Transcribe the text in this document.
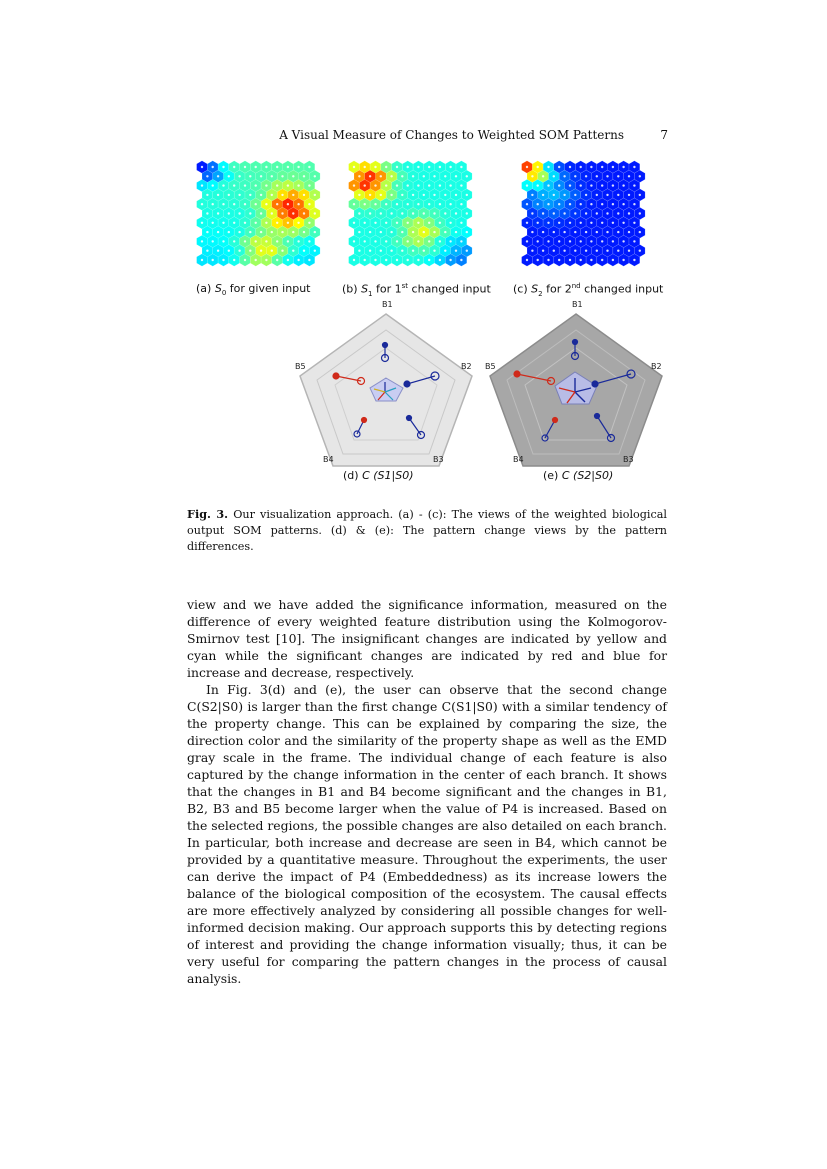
A Visual Measure of Changes to Weighted SOM Patterns	7
(a) $S_0$ for given input	(b) $S_1$ for 1st changed input (c) $S_2$ for 2nd changed input
B1
B2
B3
B4
B5
B1
B2
B3
B4
B5
(d) C (S1|S0)	(e) C (S2|S0)
Fig. 3. Our visualization approach. (a) - (c): The views of the weighted biological output SOM patterns. (d) & (e): The pattern change views by the pattern differences.

view and we have added the significance information, measured on the difference of every weighted feature distribution using the Kolmogorov-Smirnov test [10]. The insignificant changes are indicated by yellow and cyan while the significant changes are indicated by red and blue for increase and decrease, respectively.

In Fig. 3(d) and (e), the user can observe that the second change C(S2|S0) is larger than the first change C(S1|S0) with a similar tendency of the property change. This can be explained by comparing the size, the direction color and the similarity of the property shape as well as the EMD gray scale in the frame. The individual change of each feature is also captured by the change information in the center of each branch. It shows that the changes in B1 and B4 become significant and the changes in B1, B2, B3 and B5 become larger when the value of P4 is increased. Based on the selected regions, the possible changes are also detailed on each branch. In particular, both increase and decrease are seen in B4, which cannot be provided by a quantitative measure. Throughout the experiments, the user can derive the impact of P4 (Embeddedness) as its increase lowers the balance of the biological composition of the ecosystem. The causal effects are more effectively analyzed by considering all possible changes for well-informed decision making. Our approach supports this by detecting regions of interest and providing the change information visually; thus, it can be very useful for comparing the pattern changes in the process of causal analysis.
